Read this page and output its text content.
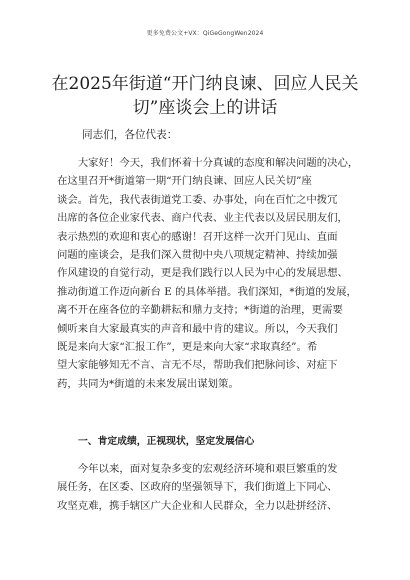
更多免费公文+VX：QiGeGongWen2024
在2025年街道“开门纳良谏、回应人民关
切”座谈会上的讲话
同志们，各位代表：
　　大家好！今天，我们怀着十分真诚的态度和解决问题的决心，
在这里召开*街道第一期“开门纳良谏、回应人民关切”座
谈会。首先，我代表街道党工委、办事处，向在百忙之中拨冗
出席的各位企业家代表、商户代表、业主代表以及居民朋友们，
表示热烈的欢迎和衷心的感谢！召开这样一次开门见山、直面
问题的座谈会，是我们深入贯彻中央八项规定精神、持续加强
作风建设的自觉行动，更是我们践行以人民为中心的发展思想、
推动街道工作迈向新台 E 的具体举措。我们深知，*街道的发展，
离不开在座各位的辛勤耕耘和鼎力支持；*街道的治理，更需要
倾听来自大家最真实的声音和最中肯的建议。所以，今天我们
既是来向大家“汇报工作”，更是来向大家“求取真经”。希
望大家能够知无不言、言无不尽，帮助我们把脉问诊、对症下
药，共同为*街道的未来发展出谋划策。
一、肯定成绩，正视现状，坚定发展信心
　　今年以来，面对复杂多变的宏观经济环境和艰巨繁重的发
展任务，在区委、区政府的坚强领导下，我们街道上下同心、
攻坚克难，携手辖区广大企业和人民群众，全力以赴拼经济、
